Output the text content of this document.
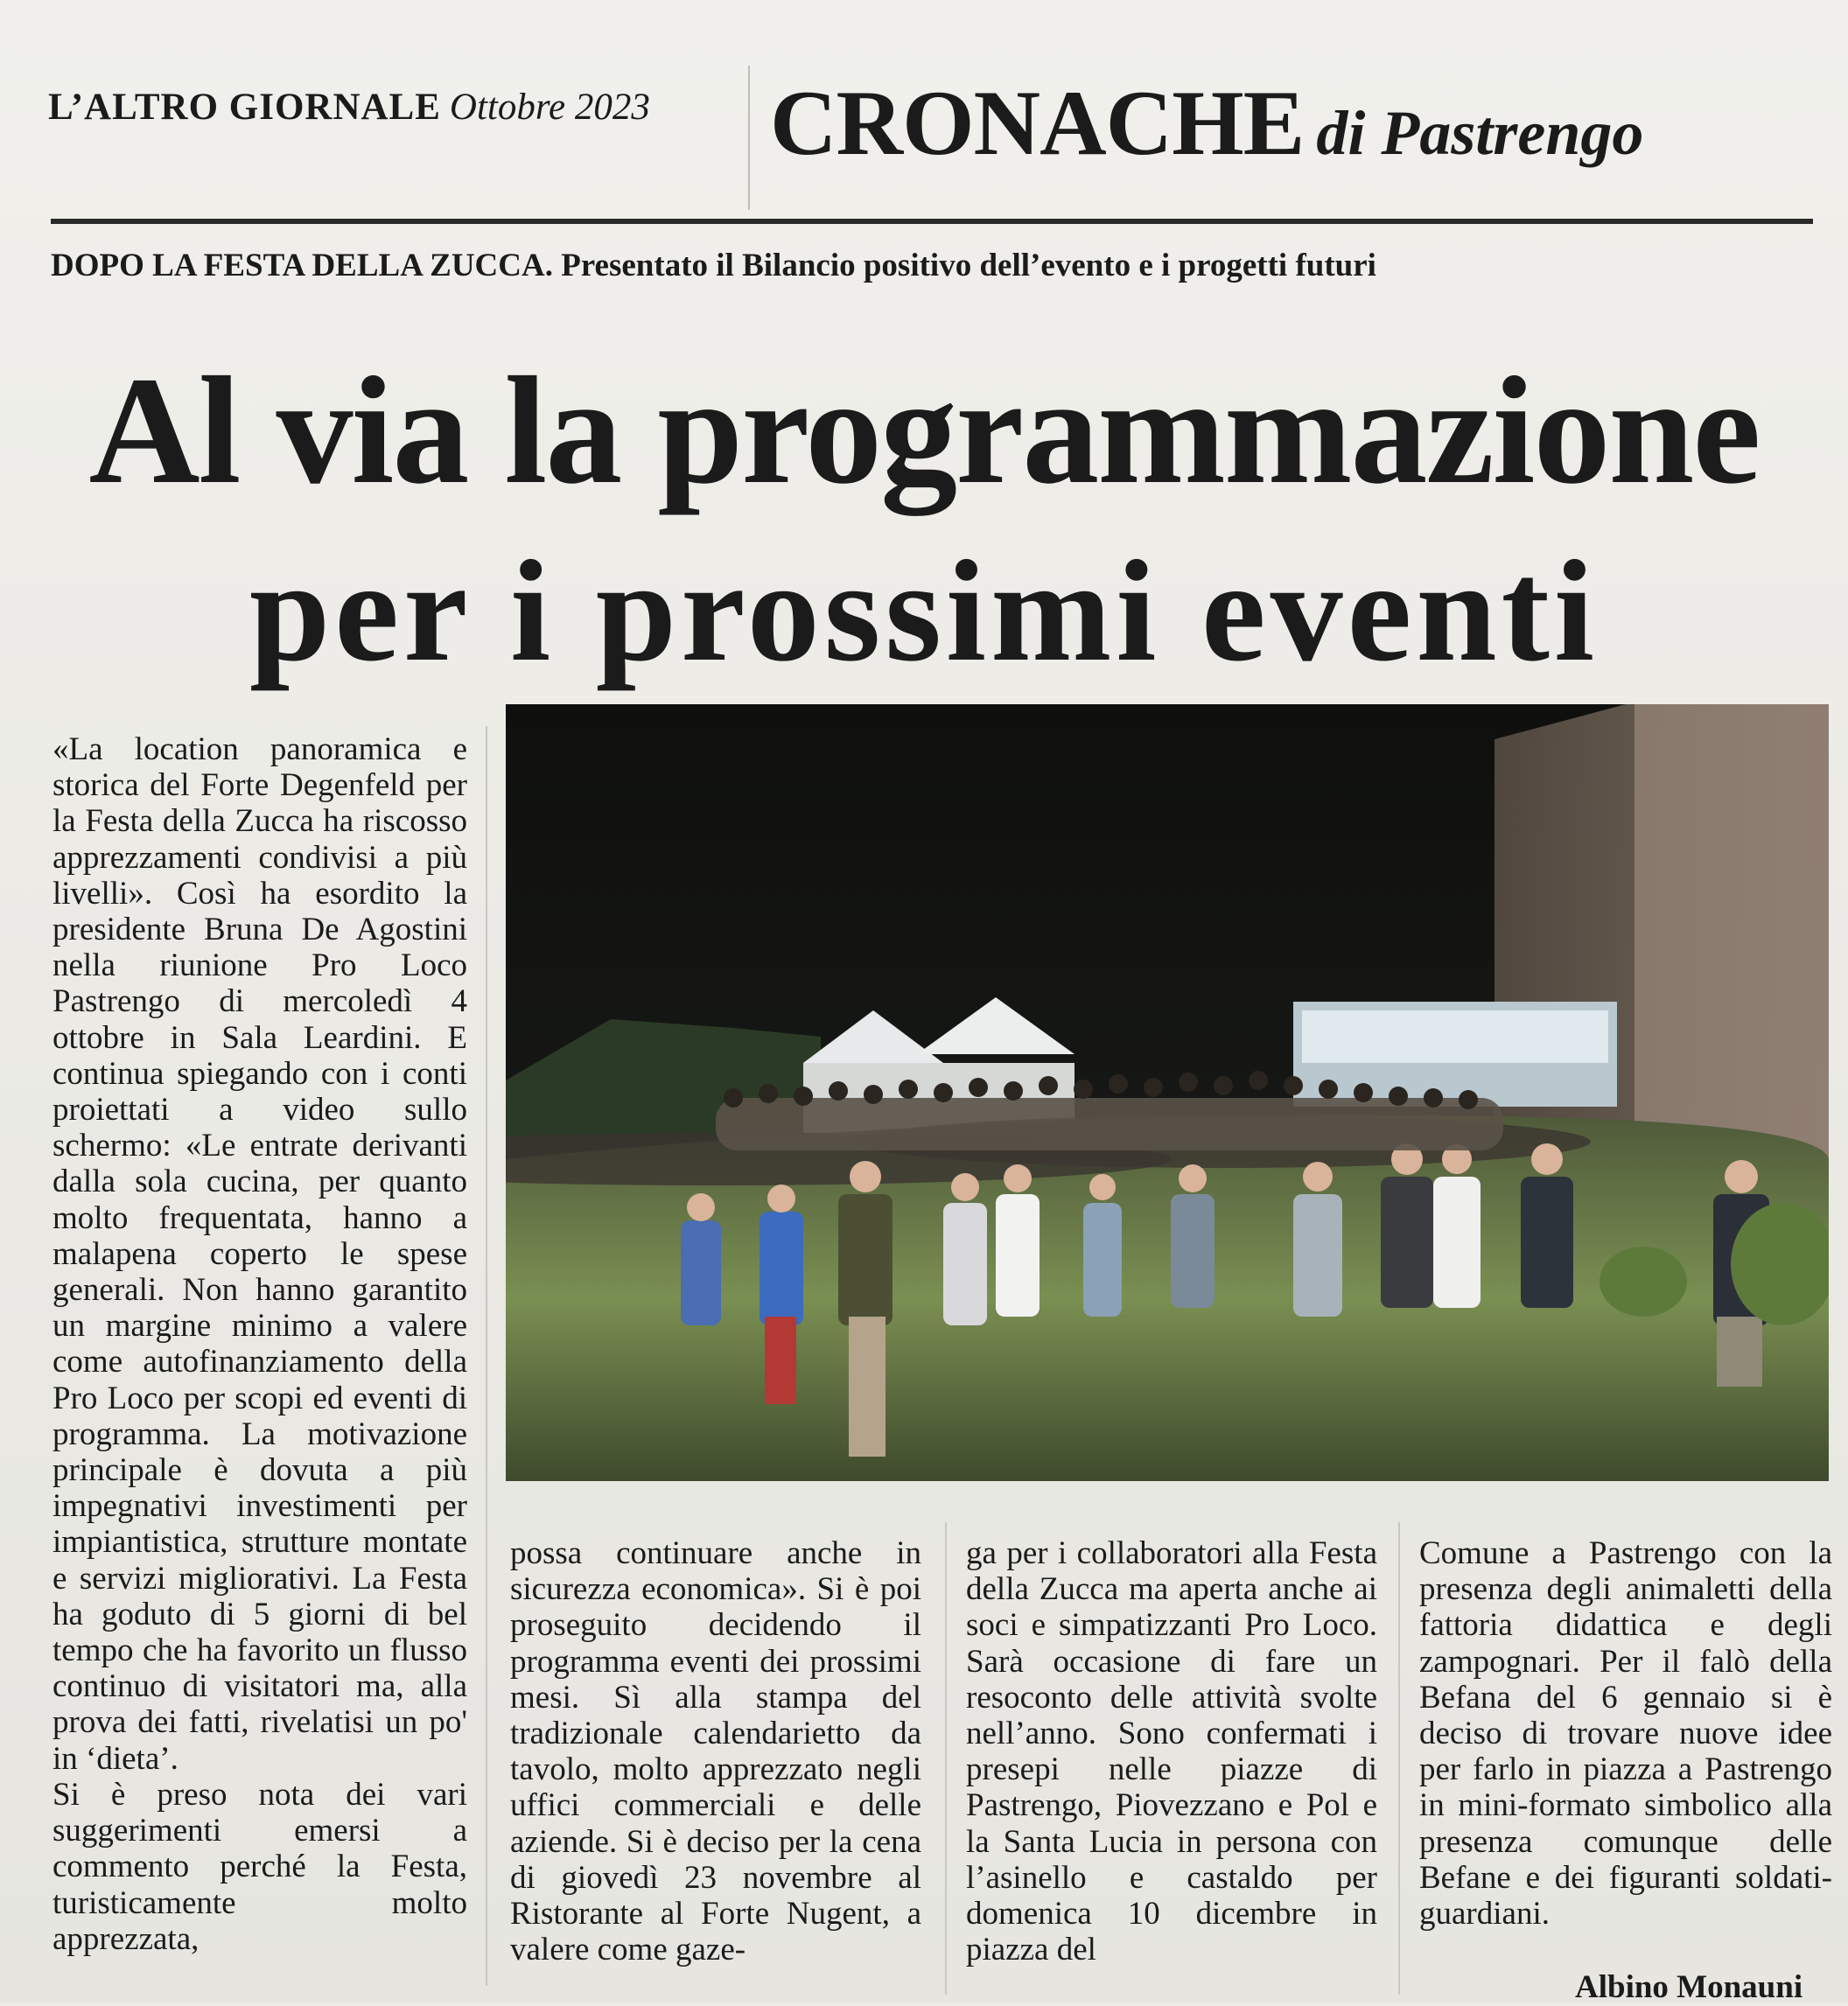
L’ALTRO GIORNALE Ottobre 2023 CRONACHE di Pastrengo
DOPO LA FESTA DELLA ZUCCA. Presentato il Bilancio positivo dell’evento e i progetti futuri
Al via la programmazione
per i prossimi eventi

«La location panoramica e storica del Forte Degenfeld per la Festa della Zucca ha riscosso apprezzamenti condivisi a più livelli». Così ha esordito la presidente Bruna De Agostini nella riunione Pro Loco Pastrengo di mercoledì 4 ottobre in Sala Leardini. E continua spiegando con i conti proiettati a video sullo schermo: «Le entrate derivanti dalla sola cucina, per quanto molto frequentata, hanno a malapena coperto le spese generali. Non hanno garantito un margine minimo a valere come autofinanziamento della Pro Loco per scopi ed eventi di programma. La motivazione principale è dovuta a più impegnativi investimenti per impiantistica, strutture montate e servizi migliorativi. La Festa ha goduto di 5 giorni di bel tempo che ha favorito un flusso continuo di visitatori ma, alla prova dei fatti, rivelatisi un po' in ‘dieta’.

Si è preso nota dei vari suggerimenti emersi a commento perché la Festa, turisticamente molto apprezzata,

possa continuare anche in sicurezza economica». Si è poi proseguito decidendo il programma eventi dei prossimi mesi. Sì alla stampa del tradizionale calendarietto da tavolo, molto apprezzato negli uffici commerciali e delle aziende. Si è deciso per la cena di giovedì 23 novembre al Ristorante al Forte Nugent, a valere come gaze-

ga per i collaboratori alla Festa della Zucca ma aperta anche ai soci e simpatizzanti Pro Loco. Sarà occasione di fare un resoconto delle attività svolte nell’anno. Sono confermati i presepi nelle piazze di Pastrengo, Piovezzano e Pol e la Santa Lucia in persona con l’asinello e castaldo per domenica 10 dicembre in piazza del

Comune a Pastrengo con la presenza degli animaletti della fattoria didattica e degli zampognari. Per il falò della Befana del 6 gennaio si è deciso di trovare nuove idee per farlo in piazza a Pastrengo in mini-formato simbolico alla presenza comunque delle Befane e dei figuranti soldati-guardiani.

Albino Monauni
